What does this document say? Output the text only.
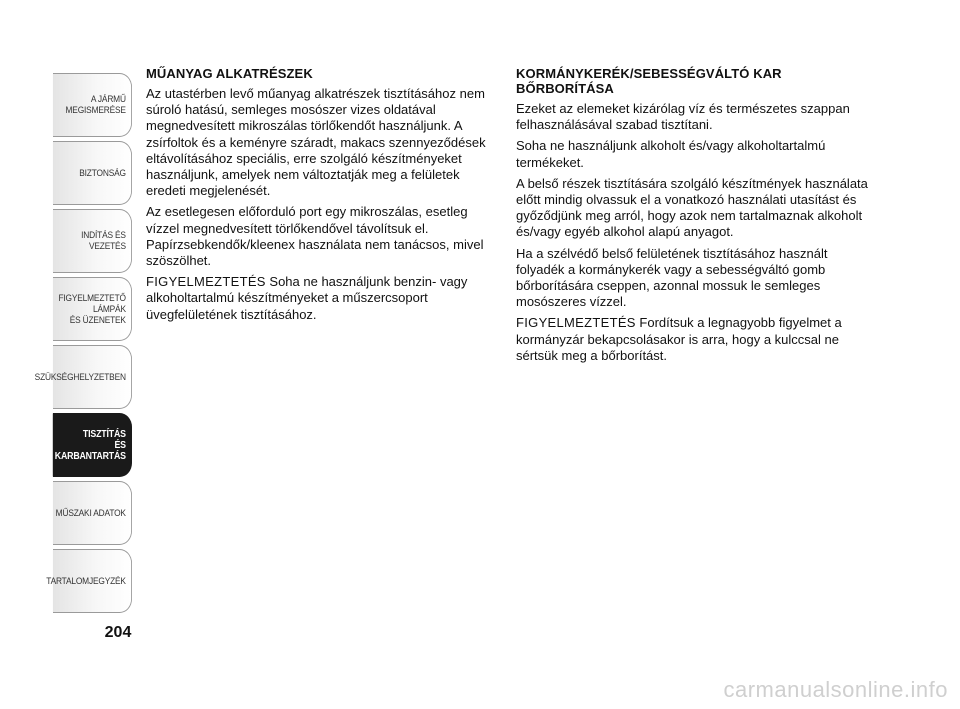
A JÁRMŰ
MEGISMERÉSE
BIZTONSÁG
INDÍTÁS ÉS VEZETÉS
FIGYELMEZTETŐ
LÁMPÁK
ÉS ÜZENETEK
SZÜKSÉGHELYZETBEN
TISZTÍTÁS
ÉS KARBANTARTÁS
MŰSZAKI ADATOK
TARTALOMJEGYZÉK
204
MŰANYAG ALKATRÉSZEK

Az utastérben levő műanyag alkatrészek tisztításához nem súroló hatású, semleges mosószer vizes oldatával megnedvesített mikroszálas törlőkendőt használjunk. A zsírfoltok és a keményre száradt, makacs szennyeződések eltávolításához speciális, erre szolgáló készítményeket használjunk, amelyek nem változtatják meg a felületek eredeti megjelenését.

Az esetlegesen előforduló port egy mikroszálas, esetleg vízzel megnedvesített törlőkendővel távolítsuk el. Papírzsebkendők/kleenex használata nem tanácsos, mivel szöszölhet.

FIGYELMEZTETÉS Soha ne használjunk benzin- vagy alkoholtartalmú készítményeket a műszercsoport üvegfelületének tisztításához.

KORMÁNYKERÉK/SEBESSÉGVÁLTÓ KAR BŐRBORÍTÁSA

Ezeket az elemeket kizárólag víz és természetes szappan felhasználásával szabad tisztítani.

Soha ne használjunk alkoholt és/vagy alkoholtartalmú termékeket.

A belső részek tisztítására szolgáló készítmények használata előtt mindig olvassuk el a vonatkozó használati utasítást és győződjünk meg arról, hogy azok nem tartalmaznak alkoholt és/vagy egyéb alkohol alapú anyagot.

Ha a szélvédő belső felületének tisztításához használt folyadék a kormánykerék vagy a sebességváltó gomb bőrborítására cseppen, azonnal mossuk le semleges mosószeres vízzel.

FIGYELMEZTETÉS Fordítsuk a legnagyobb figyelmet a kormányzár bekapcsolásakor is arra, hogy a kulccsal ne sértsük meg a bőrborítást.

carmanualsonline.info
